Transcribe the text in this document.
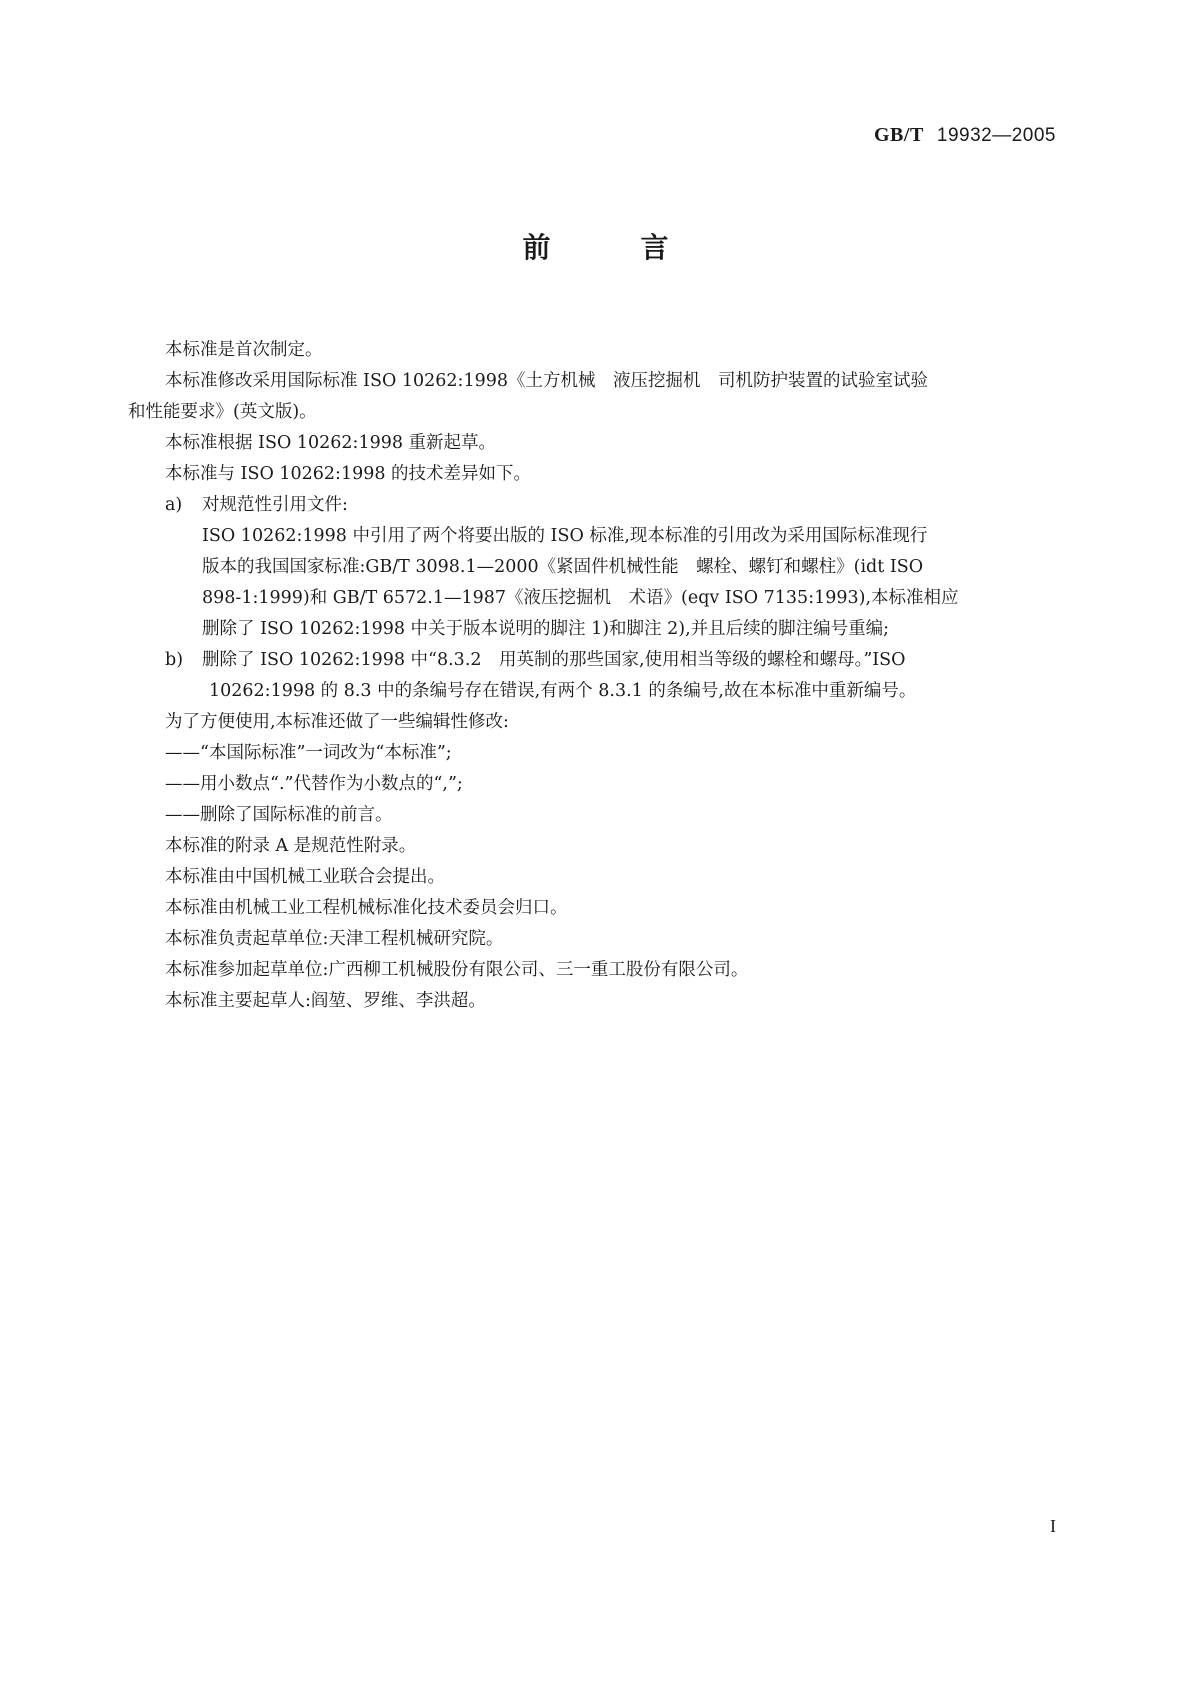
GB/T 19932—2005
前	言

本标准是首次制定。

本标准修改采用国际标准 ISO 10262:1998《土方机械　液压挖掘机　司机防护装置的试验室试验

和性能要求》(英文版)。

本标准根据 ISO 10262:1998 重新起草。

本标准与 ISO 10262:1998 的技术差异如下。

a) 对规范性引用文件:

ISO 10262:1998 中引用了两个将要出版的 ISO 标准,现本标准的引用改为采用国际标准现行

版本的我国国家标准:GB/T 3098.1—2000《紧固件机械性能　螺栓、螺钉和螺柱》(idt ISO

898-1:1999)和 GB/T 6572.1—1987《液压挖掘机　术语》(eqv ISO 7135:1993),本标准相应

删除了 ISO 10262:1998 中关于版本说明的脚注 1)和脚注 2),并且后续的脚注编号重编;

b) 删除了 ISO 10262:1998 中“8.3.2　用英制的那些国家,使用相当等级的螺栓和螺母。”ISO

10262:1998 的 8.3 中的条编号存在错误,有两个 8.3.1 的条编号,故在本标准中重新编号。

为了方便使用,本标准还做了一些编辑性修改:

——“本国际标准”一词改为“本标准”;

——用小数点“.”代替作为小数点的“,”;

——删除了国际标准的前言。

本标准的附录 A 是规范性附录。

本标准由中国机械工业联合会提出。

本标准由机械工业工程机械标准化技术委员会归口。

本标准负责起草单位:天津工程机械研究院。

本标准参加起草单位:广西柳工机械股份有限公司、三一重工股份有限公司。

本标准主要起草人:阎堃、罗维、李洪超。

I
